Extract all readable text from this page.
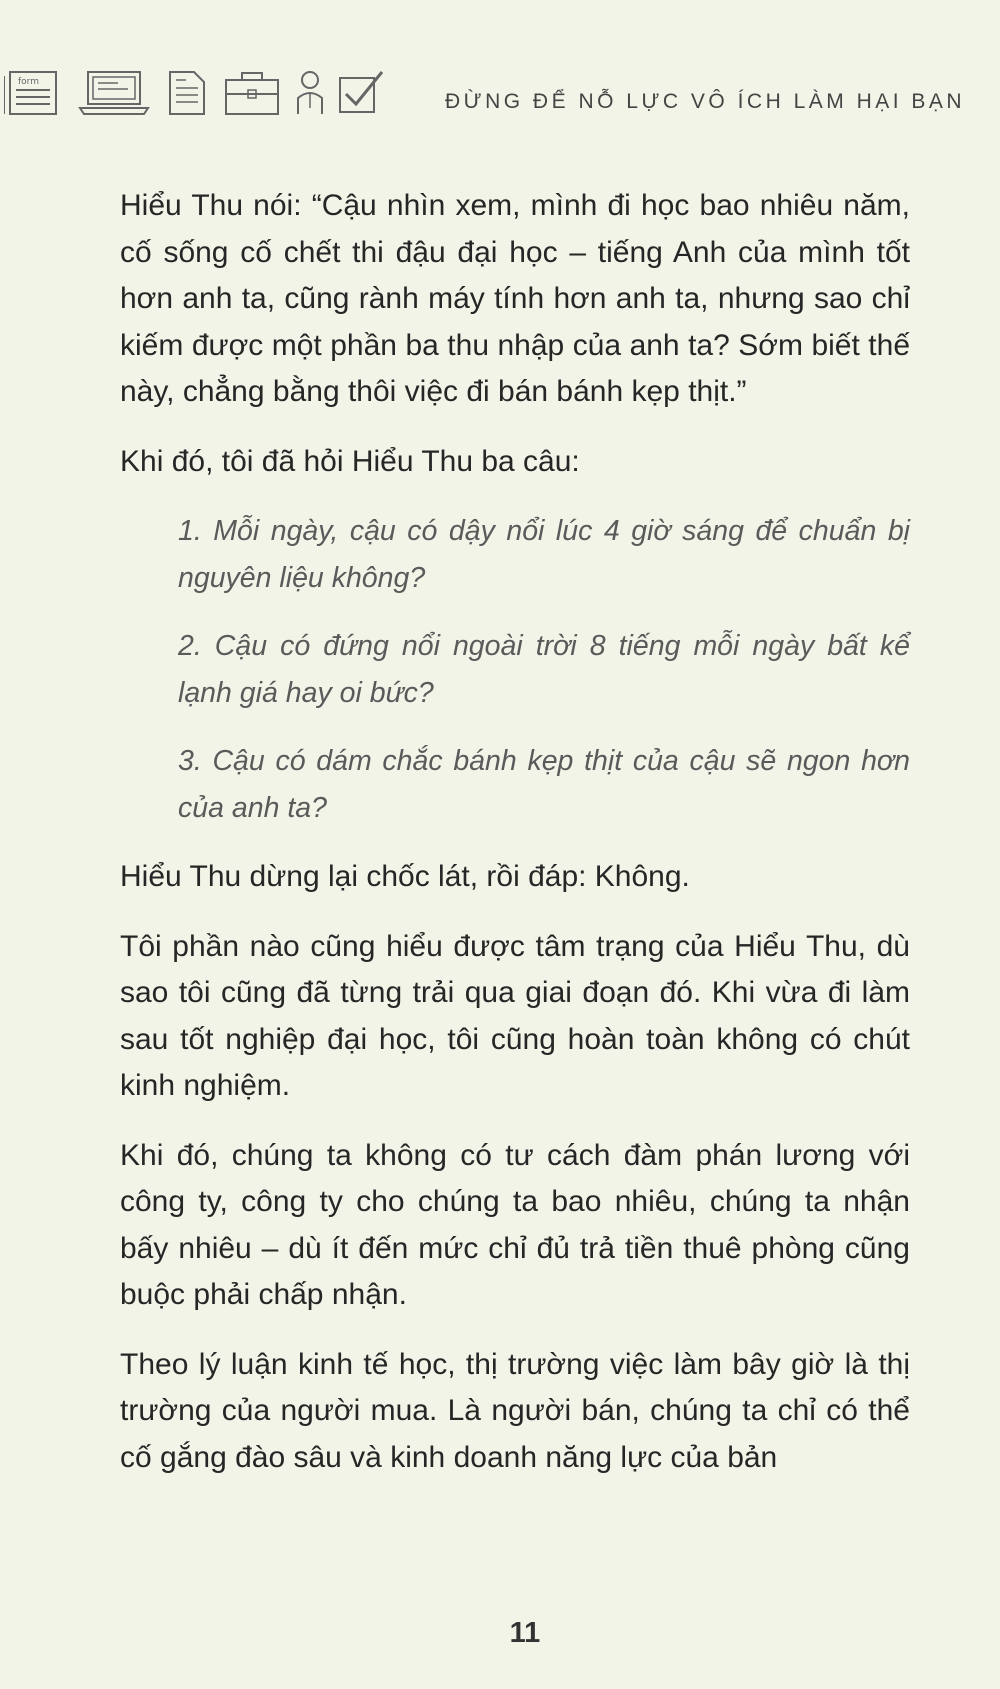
form
ĐỪNG ĐỂ NỖ LỰC VÔ ÍCH LÀM HẠI BẠN

Hiểu Thu nói: “Cậu nhìn xem, mình đi học bao nhiêu năm, cố sống cố chết thi đậu đại học – tiếng Anh của mình tốt hơn anh ta, cũng rành máy tính hơn anh ta, nhưng sao chỉ kiếm được một phần ba thu nhập của anh ta? Sớm biết thế này, chẳng bằng thôi việc đi bán bánh kẹp thịt.”

Khi đó, tôi đã hỏi Hiểu Thu ba câu:

1. Mỗi ngày, cậu có dậy nổi lúc 4 giờ sáng để chuẩn bị nguyên liệu không?

2. Cậu có đứng nổi ngoài trời 8 tiếng mỗi ngày bất kể lạnh giá hay oi bức?

3. Cậu có dám chắc bánh kẹp thịt của cậu sẽ ngon hơn của anh ta?

Hiểu Thu dừng lại chốc lát, rồi đáp: Không.

Tôi phần nào cũng hiểu được tâm trạng của Hiểu Thu, dù sao tôi cũng đã từng trải qua giai đoạn đó. Khi vừa đi làm sau tốt nghiệp đại học, tôi cũng hoàn toàn không có chút kinh nghiệm.

Khi đó, chúng ta không có tư cách đàm phán lương với công ty, công ty cho chúng ta bao nhiêu, chúng ta nhận bấy nhiêu – dù ít đến mức chỉ đủ trả tiền thuê phòng cũng buộc phải chấp nhận.

Theo lý luận kinh tế học, thị trường việc làm bây giờ là thị trường của người mua. Là người bán, chúng ta chỉ có thể cố gắng đào sâu và kinh doanh năng lực của bản

11
